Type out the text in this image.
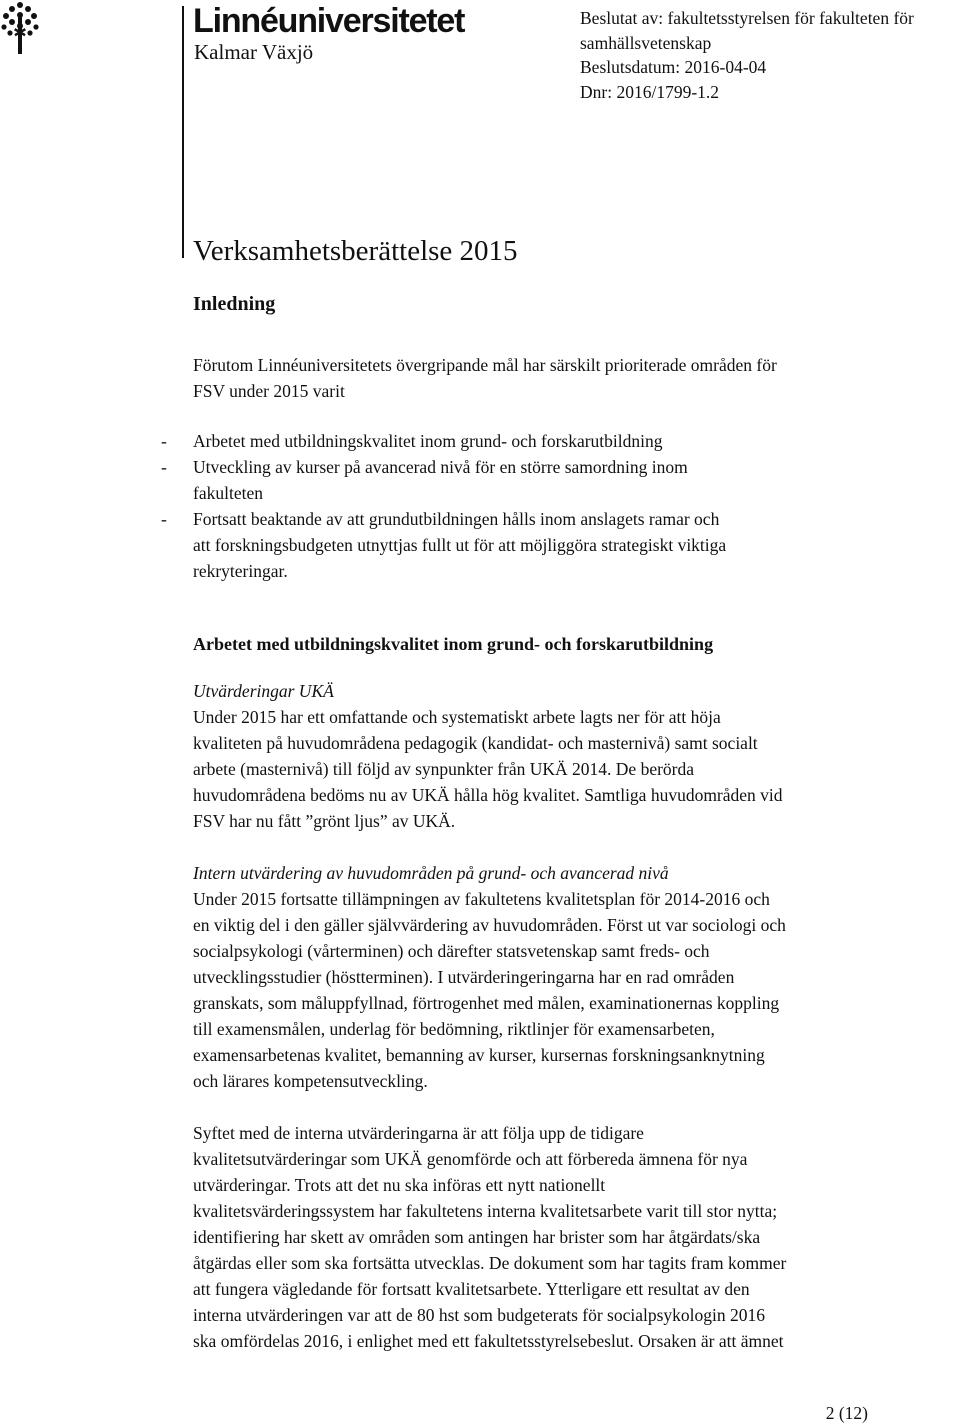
Linnéuniversitetet
Kalmar Växjö
Beslutat av: fakultetsstyrelsen för fakulteten för
samhällsvetenskap
Beslutsdatum: 2016-04-04
Dnr: 2016/1799-1.2
Verksamhetsberättelse 2015
Inledning
Förutom Linnéuniversitetets övergripande mål har särskilt prioriterade områden för
FSV under 2015 varit
- Arbetet med utbildningskvalitet inom grund- och forskarutbildning
- Utveckling av kurser på avancerad nivå för en större samordning inom
fakulteten
- Fortsatt beaktande av att grundutbildningen hålls inom anslagets ramar och
att forskningsbudgeten utnyttjas fullt ut för att möjliggöra strategiskt viktiga
rekryteringar.
Arbetet med utbildningskvalitet inom grund- och forskarutbildning
Utvärderingar UKÄ
Under 2015 har ett omfattande och systematiskt arbete lagts ner för att höja
kvaliteten på huvudområdena pedagogik (kandidat- och masternivå) samt socialt
arbete (masternivå) till följd av synpunkter från UKÄ 2014. De berörda
huvudområdena bedöms nu av UKÄ hålla hög kvalitet. Samtliga huvudområden vid
FSV har nu fått ”grönt ljus” av UKÄ.
Intern utvärdering av huvudområden på grund- och avancerad nivå
Under 2015 fortsatte tillämpningen av fakultetens kvalitetsplan för 2014-2016 och
en viktig del i den gäller självvärdering av huvudområden. Först ut var sociologi och
socialpsykologi (vårterminen) och därefter statsvetenskap samt freds- och
utvecklingsstudier (höstterminen). I utvärderingeringarna har en rad områden
granskats, som måluppfyllnad, förtrogenhet med målen, examinationernas koppling
till examensmålen, underlag för bedömning, riktlinjer för examensarbeten,
examensarbetenas kvalitet, bemanning av kurser, kursernas forskningsanknytning
och lärares kompetensutveckling.
Syftet med de interna utvärderingarna är att följa upp de tidigare
kvalitetsutvärderingar som UKÄ genomförde och att förbereda ämnena för nya
utvärderingar. Trots att det nu ska införas ett nytt nationellt
kvalitetsvärderingssystem har fakultetens interna kvalitetsarbete varit till stor nytta;
identifiering har skett av områden som antingen har brister som har åtgärdats/ska
åtgärdas eller som ska fortsätta utvecklas. De dokument som har tagits fram kommer
att fungera vägledande för fortsatt kvalitetsarbete. Ytterligare ett resultat av den
interna utvärderingen var att de 80 hst som budgeterats för socialpsykologin 2016
ska omfördelas 2016, i enlighet med ett fakultetsstyrelsebeslut. Orsaken är att ämnet
2 (12)
